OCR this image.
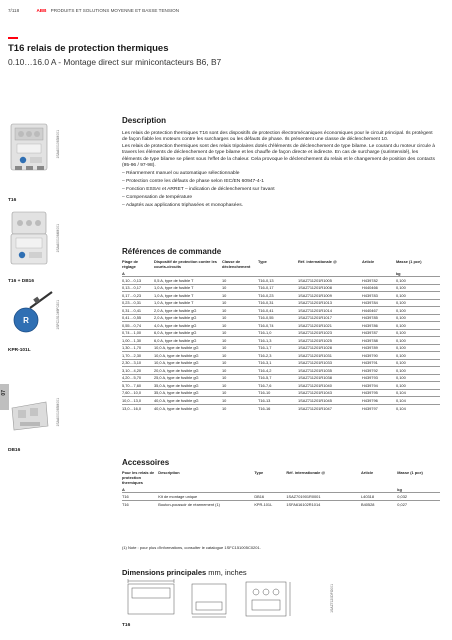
7/118	ABB PRODUITS ET SOLUTIONS MOYENNE ET BASSE TENSION
T16 relais de protection thermiques
0.10…16.0 A - Montage direct sur minicontacteurs B6, B7
Description

Les relais de protection thermiques T16 sont des dispositifs de protection électromécaniques économiques pour le circuit principal. Ils protègent de façon fiable les moteurs contre les surcharges ou les défauts de phase. Ils présentent une classe de déclenchement 10.

Les relais de protection thermiques sont des relais tripolaires dotés d'éléments de déclenchement de type bilame. Le courant du moteur circule à travers les éléments de déclenchement de type bilame et les chauffe de façon directe et indirecte. En cas de surcharge (surintensité), les éléments de type bilame se plient sous l'effet de la chaleur. Cela provoque le déclenchement du relais et le changement de position des contacts (95-96 / 97-98).

– Réarmement manuel ou automatique sélectionnable
– Protection contre les défauts de phase selon IEC/EN 60947-4-1
– Fonction ESSAI et ARRET – indication de déclenchement sur l'avant
– Compensation de température
– Adaptés aux applications triphasées et monophasées.
1SAA001063M001
T16
1SAA001064M001
T16 + DB16
R	1SFC151049F0201
KPR-101L
1SAA001065M001
DB16
07
Références de commande
Plage de réglage	Dispositif de protection contre les courts-circuits	Classe de déclenchement	Type	Réf. internationale @	Article	Masse (1 pce)
A						kg
0,10…0,13	0,5 A, type de fusible T	10	T16-0,13	1SAZ711201R1005	H439782	0,100
0,13…0,17	1,0 A, type de fusible T	10	T16-0,17	1SAZ711201R1008	H440466	0,100
0,17…0,23	1,0 A, type de fusible T	10	T16-0,23	1SAZ711201R1009	H439783	0,100
0,23…0,31	1,0 A, type de fusible T	10	T16-0,31	1SAZ711201R1013	H439784	0,100
0,31…0,41	2,0 A, type de fusible gG	10	T16-0,41	1SAZ711201R1014	H440467	0,100
0,41…0,55	2,0 A, type de fusible gG	10	T16-0,55	1SAZ711201R1017	H439785	0,100
0,55…0,74	4,0 A, type de fusible gG	10	T16-0,74	1SAZ711201R1021	H439786	0,100
0,74…1,00	6,0 A, type de fusible gG	10	T16-1,0	1SAZ711201R1023	H439787	0,100
1,00…1,30	6,0 A, type de fusible gG	10	T16-1,3	1SAZ711201R1025	H439788	0,100
1,30…1,70	10,0 A, type de fusible gG	10	T16-1,7	1SAZ711201R1028	H439789	0,100
1,70…2,30	10,0 A, type de fusible gG	10	T16-2,3	1SAZ711201R1031	H439790	0,100
2,30…3,10	10,0 A, type de fusible gG	10	T16-3,1	1SAZ711201R1033	H439791	0,100
3,10…4,20	20,0 A, type de fusible gG	10	T16-4,2	1SAZ711201R1035	H439792	0,100
4,20…5,70	25,0 A, type de fusible gG	10	T16-5,7	1SAZ711201R1038	H439793	0,100
5,70…7,60	35,0 A, type de fusible gG	10	T16-7,6	1SAZ711201R1040	H439794	0,100
7,60…10,0	35,0 A, type de fusible gG	10	T16-10	1SAZ711201R1043	H439795	0,104
10,0…13,0	40,0 A, type de fusible gG	10	T16-13	1SAZ711201R1045	H439796	0,104
13,0…16,0	40,0 A, type de fusible gG	10	T16-16	1SAZ711201R1047	H439797	0,104
Accessoires
Pour les relais de protection thermiques	Description	Type	Réf. internationale @	Article	Masse (1 pce)
A					kg
T16	Kit de montage unique	DB16	1SAZ701901R0001	L40318	0,032
T16	Bouton-poussoir de réarmement (1)	KPR-101L	1SFA616102R1014	B40528	0,027
(1) Note : pour plus d'informations, consulter le catalogue 1SFC151005C0201.
Dimensions principales mm, inches
1SAZ7120DFO001
T16
